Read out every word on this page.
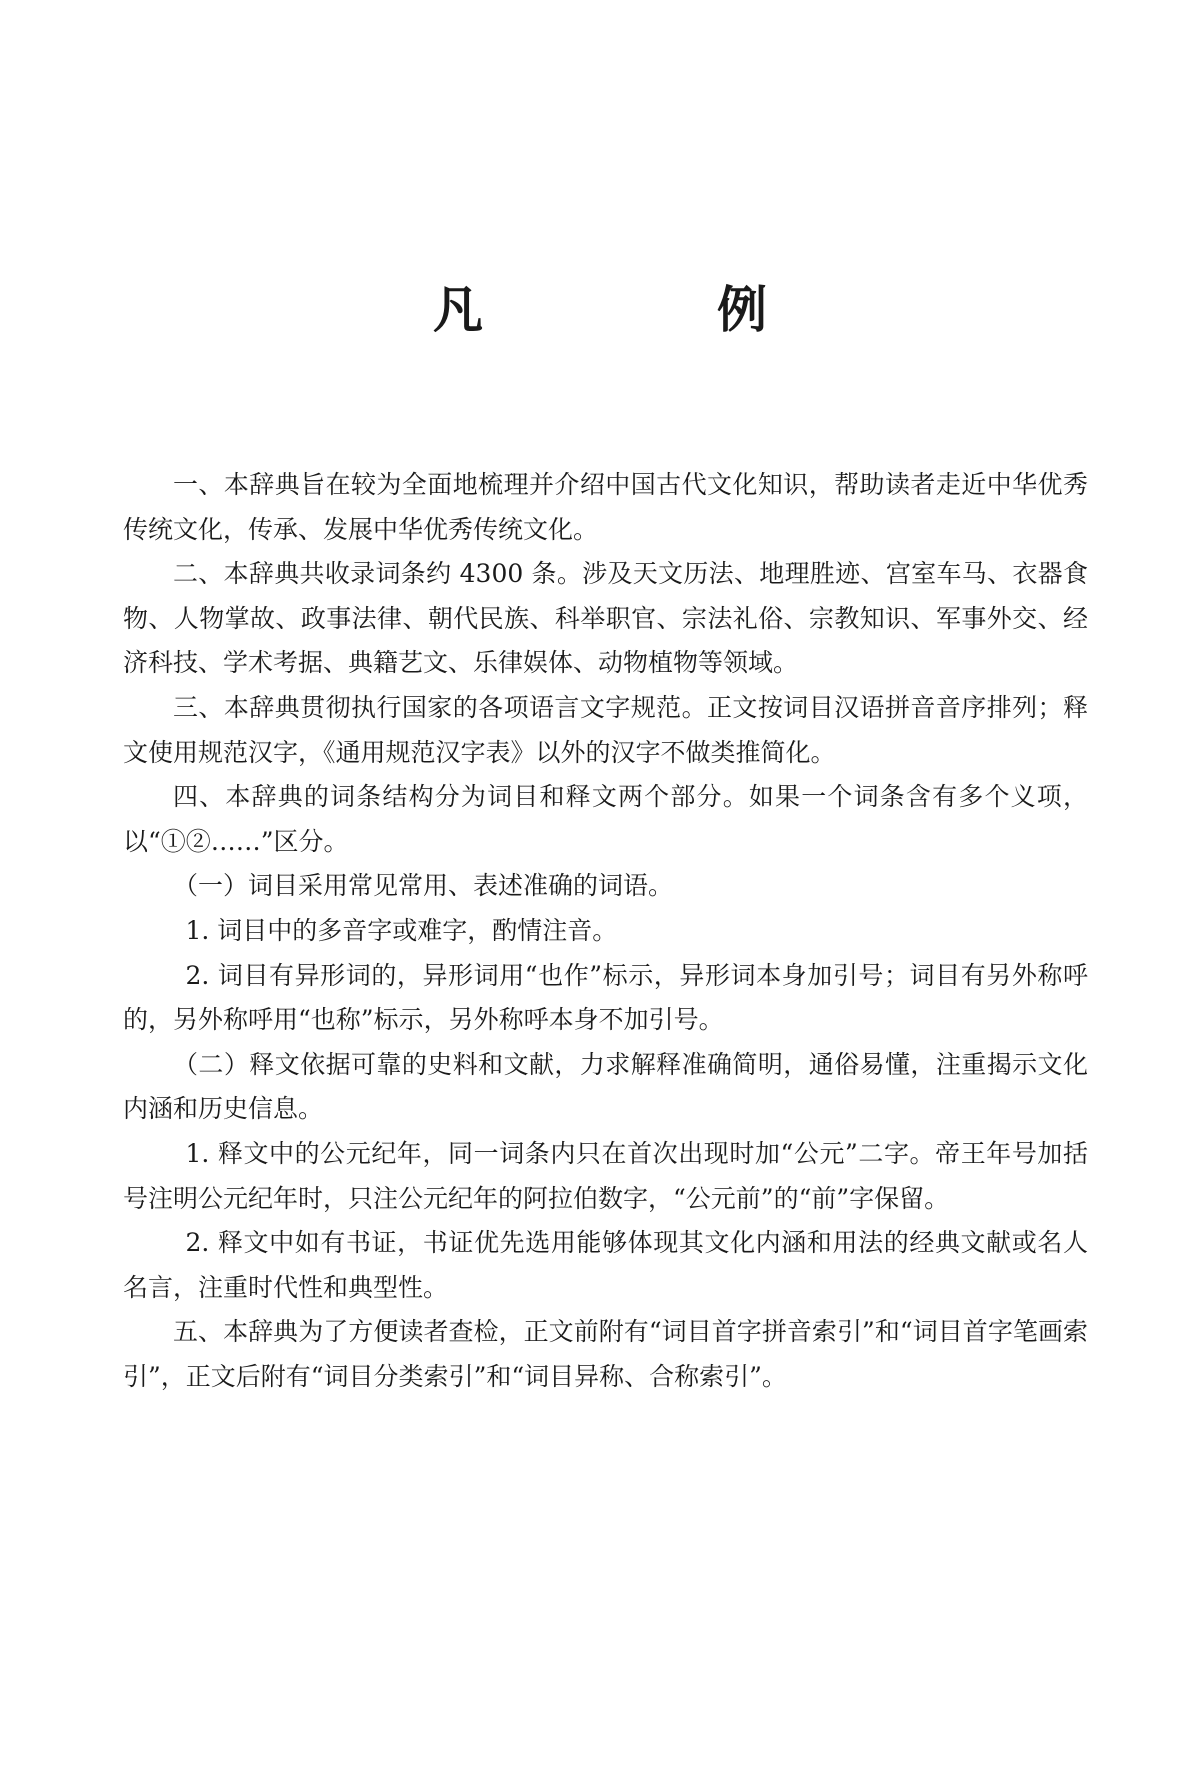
凡　例

一、本辞典旨在较为全面地梳理并介绍中国古代文化知识，帮助读者走近中华优秀传统文化，传承、发展中华优秀传统文化。

二、本辞典共收录词条约 4300 条。涉及天文历法、地理胜迹、宫室车马、衣器食物、人物掌故、政事法律、朝代民族、科举职官、宗法礼俗、宗教知识、军事外交、经济科技、学术考据、典籍艺文、乐律娱体、动物植物等领域。

三、本辞典贯彻执行国家的各项语言文字规范。正文按词目汉语拼音音序排列；释文使用规范汉字，《通用规范汉字表》以外的汉字不做类推简化。

四、本辞典的词条结构分为词目和释文两个部分。如果一个词条含有多个义项，以“①②……”区分。

（一）词目采用常见常用、表述准确的词语。

1. 词目中的多音字或难字，酌情注音。

2. 词目有异形词的，异形词用“也作”标示，异形词本身加引号；词目有另外称呼的，另外称呼用“也称”标示，另外称呼本身不加引号。

（二）释文依据可靠的史料和文献，力求解释准确简明，通俗易懂，注重揭示文化内涵和历史信息。

1. 释文中的公元纪年，同一词条内只在首次出现时加“公元”二字。帝王年号加括号注明公元纪年时，只注公元纪年的阿拉伯数字，“公元前”的“前”字保留。

2. 释文中如有书证，书证优先选用能够体现其文化内涵和用法的经典文献或名人名言，注重时代性和典型性。

五、本辞典为了方便读者查检，正文前附有“词目首字拼音索引”和“词目首字笔画索引”，正文后附有“词目分类索引”和“词目异称、合称索引”。
